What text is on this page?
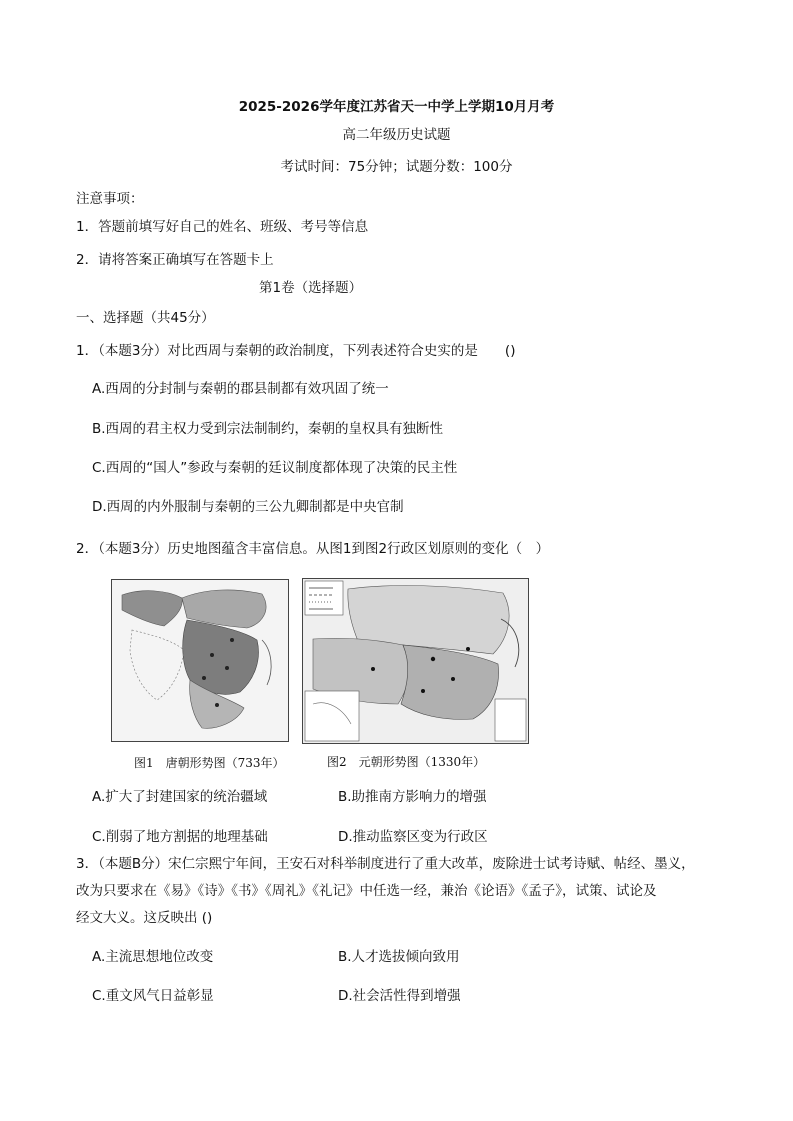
2025-2026学年度江苏省天一中学上学期10月月考
高二年级历史试题
考试时间：75分钟；试题分数：100分
注意事项：
1．答题前填写好自己的姓名、班级、考号等信息
2．请将答案正确填写在答题卡上
第1卷（选择题）
一、选择题（共45分）
1．（本题3分）对比西周与秦朝的政治制度，下列表述符合史实的是　　()
A.西周的分封制与秦朝的郡县制都有效巩固了统一
B.西周的君主权力受到宗法制制约，秦朝的皇权具有独断性
C.西周的“国人”参政与秦朝的廷议制度都体现了决策的民主性
D.西周的内外服制与秦朝的三公九卿制都是中央官制
2．（本题3分）历史地图蕴含丰富信息。从图1到图2行政区划原则的变化（　）
图1　唐朝形势图（733年）	图2　元朝形势图（1330年）
A.扩大了封建国家的统治疆域	B.助推南方影响力的增强
C.削弱了地方割据的地理基础	D.推动监察区变为行政区
3．（本题B分）宋仁宗熙宁年间，王安石对科举制度进行了重大改革，废除进士试考诗赋、帖经、墨义，
改为只要求在《易》《诗》《书》《周礼》《礼记》中任选一经，兼治《论语》《孟子》，试策、试论及
经文大义。这反映出 ()
A.主流思想地位改变	B.人才选拔倾向致用
C.重文风气日益彰显	D.社会活性得到增强
